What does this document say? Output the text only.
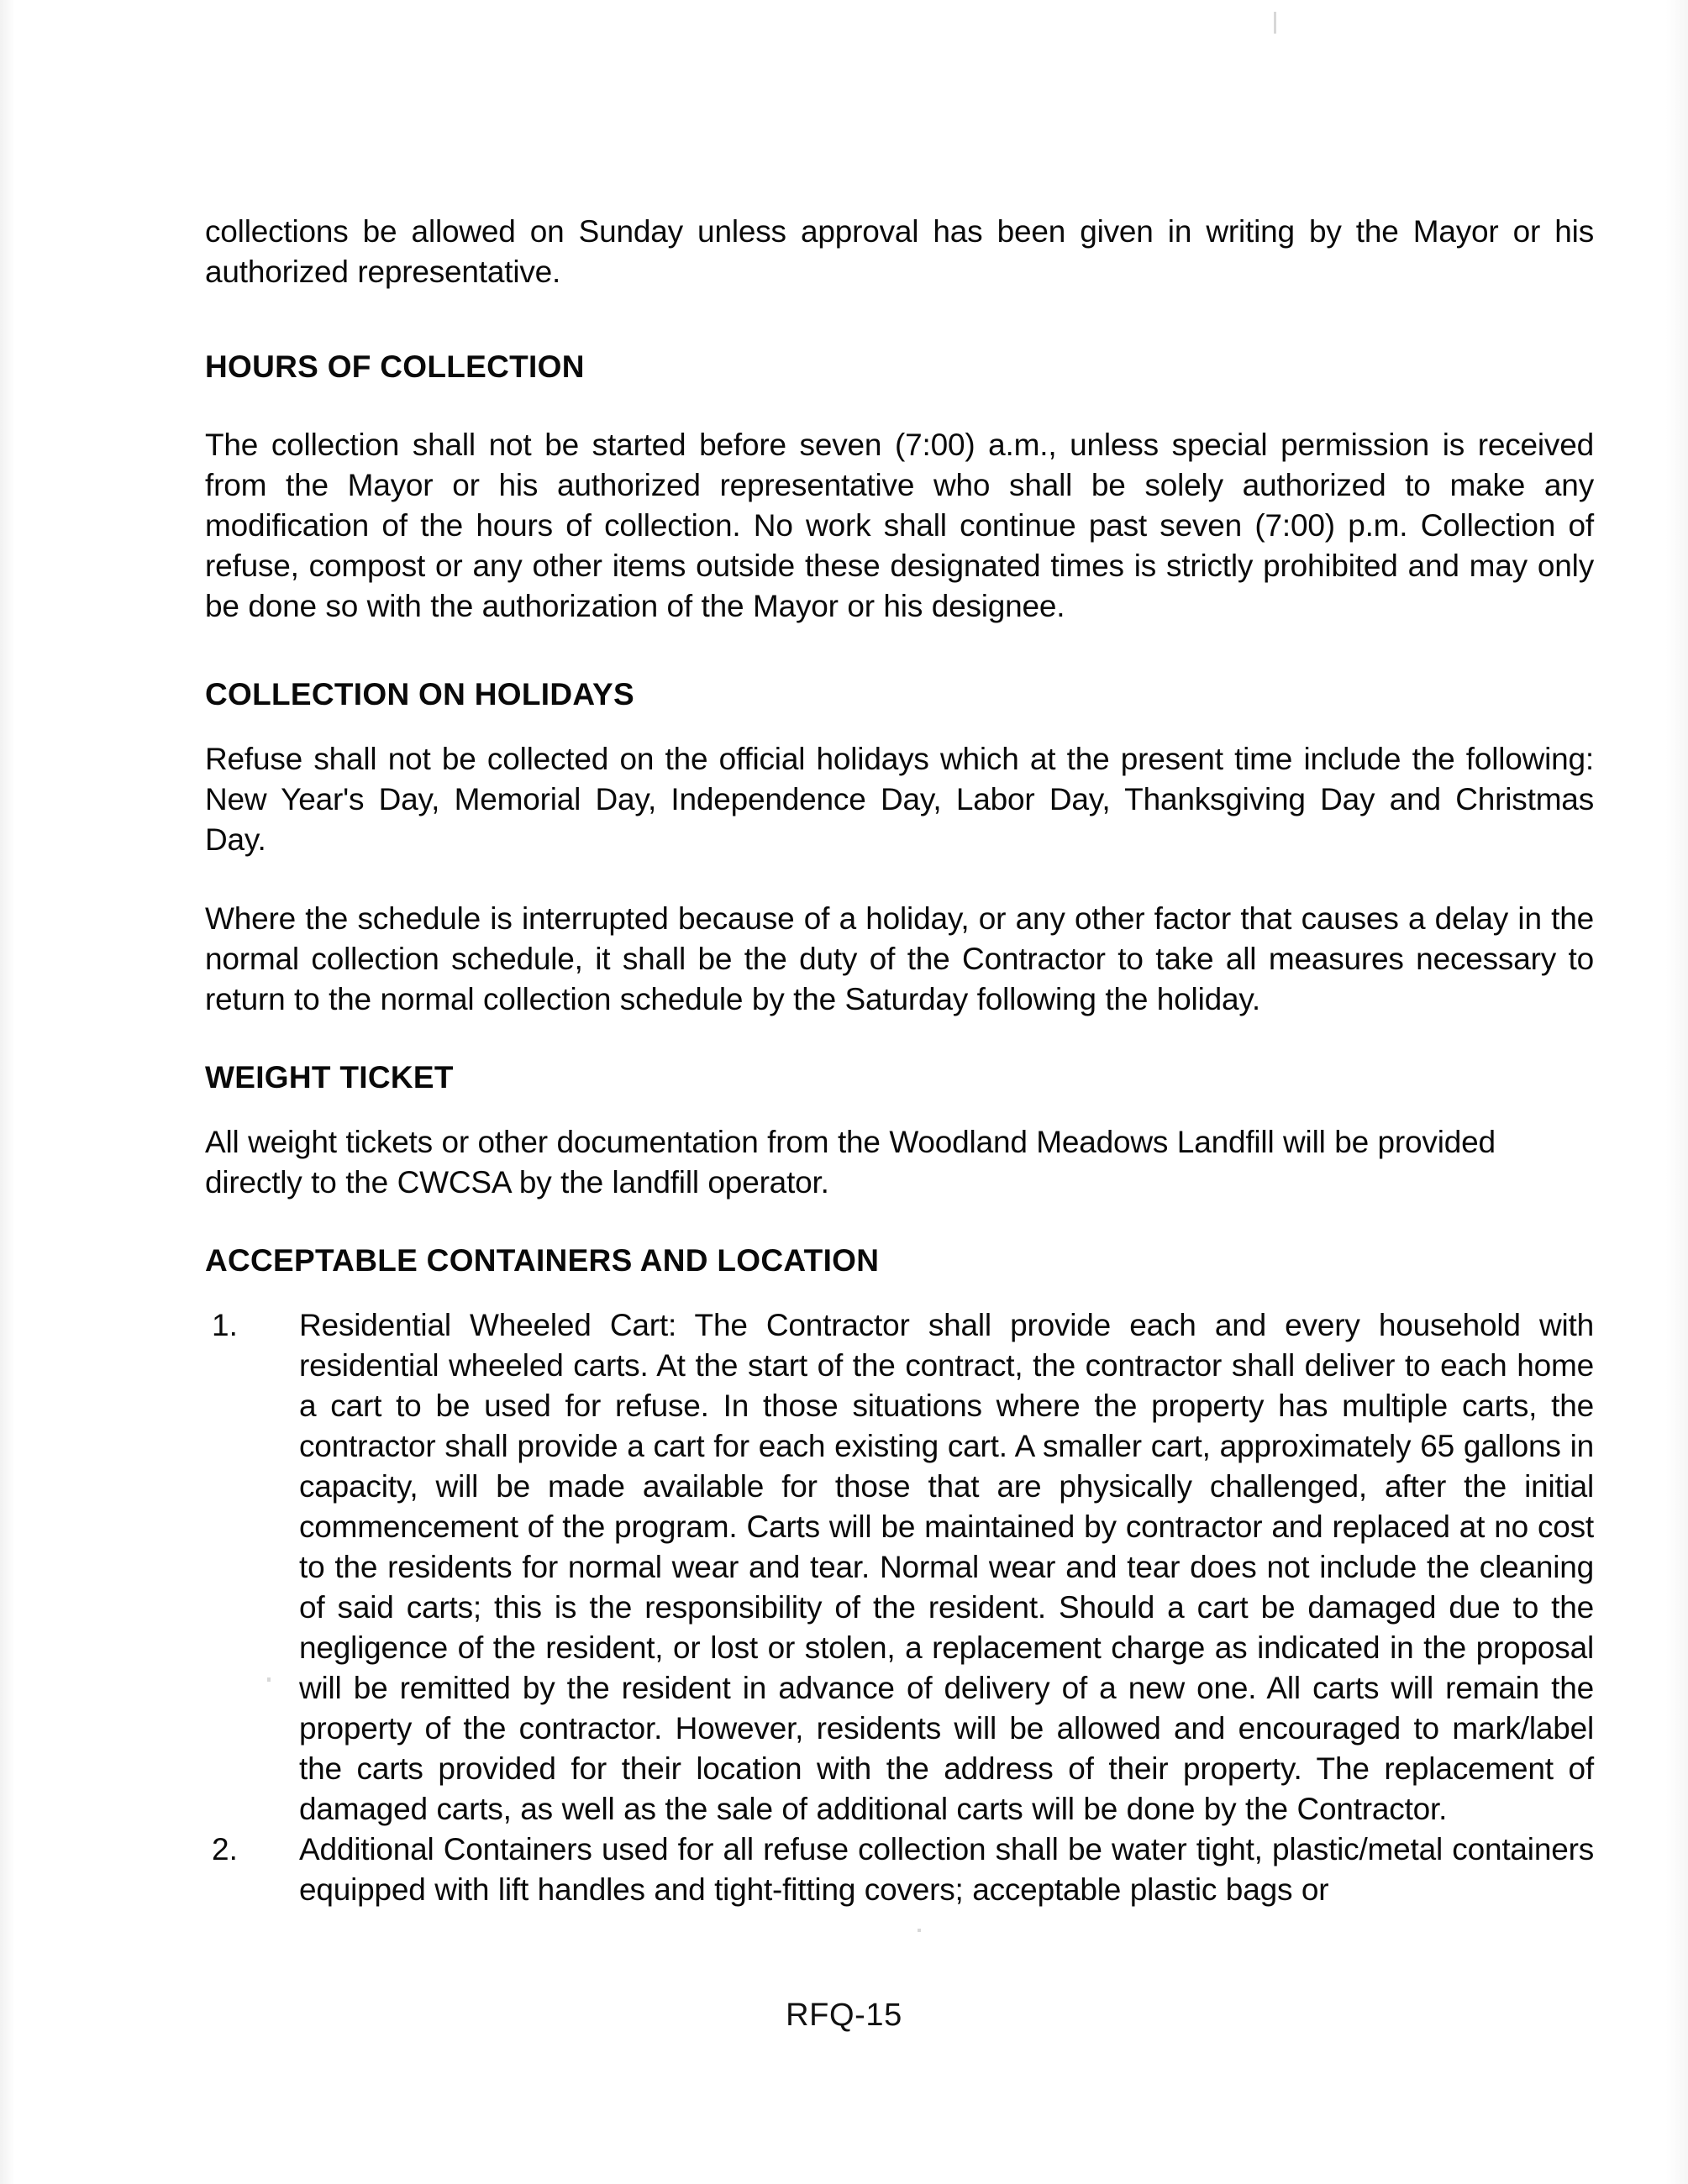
collections be allowed on Sunday unless approval has been given in writing by the Mayor or his authorized representative.

HOURS OF COLLECTION

The collection shall not be started before seven (7:00) a.m., unless special permission is received from the Mayor or his authorized representative who shall be solely authorized to make any modification of the hours of collection. No work shall continue past seven (7:00) p.m. Collection of refuse, compost or any other items outside these designated times is strictly prohibited and may only be done so with the authorization of the Mayor or his designee.

COLLECTION ON HOLIDAYS

Refuse shall not be collected on the official holidays which at the present time include the following: New Year's Day, Memorial Day, Independence Day, Labor Day, Thanksgiving Day and Christmas Day.

Where the schedule is interrupted because of a holiday, or any other factor that causes a delay in the normal collection schedule, it shall be the duty of the Contractor to take all measures necessary to return to the normal collection schedule by the Saturday following the holiday.

WEIGHT TICKET

All weight tickets or other documentation from the Woodland Meadows Landfill will be provided directly to the CWCSA by the landfill operator.

ACCEPTABLE CONTAINERS AND LOCATION
1.	Residential Wheeled Cart: The Contractor shall provide each and every household with residential wheeled carts. At the start of the contract, the contractor shall deliver to each home a cart to be used for refuse. In those situations where the property has multiple carts, the contractor shall provide a cart for each existing cart. A smaller cart, approximately 65 gallons in capacity, will be made available for those that are physically challenged, after the initial commencement of the program. Carts will be maintained by contractor and replaced at no cost to the residents for normal wear and tear. Normal wear and tear does not include the cleaning of said carts; this is the responsibility of the resident. Should a cart be damaged due to the negligence of the resident, or lost or stolen, a replacement charge as indicated in the proposal will be remitted by the resident in advance of delivery of a new one. All carts will remain the property of the contractor. However, residents will be allowed and encouraged to mark/label the carts provided for their location with the address of their property. The replacement of damaged carts, as well as the sale of additional carts will be done by the Contractor.
2.	Additional Containers used for all refuse collection shall be water tight, plastic/metal containers equipped with lift handles and tight-fitting covers; acceptable plastic bags or
RFQ-15
